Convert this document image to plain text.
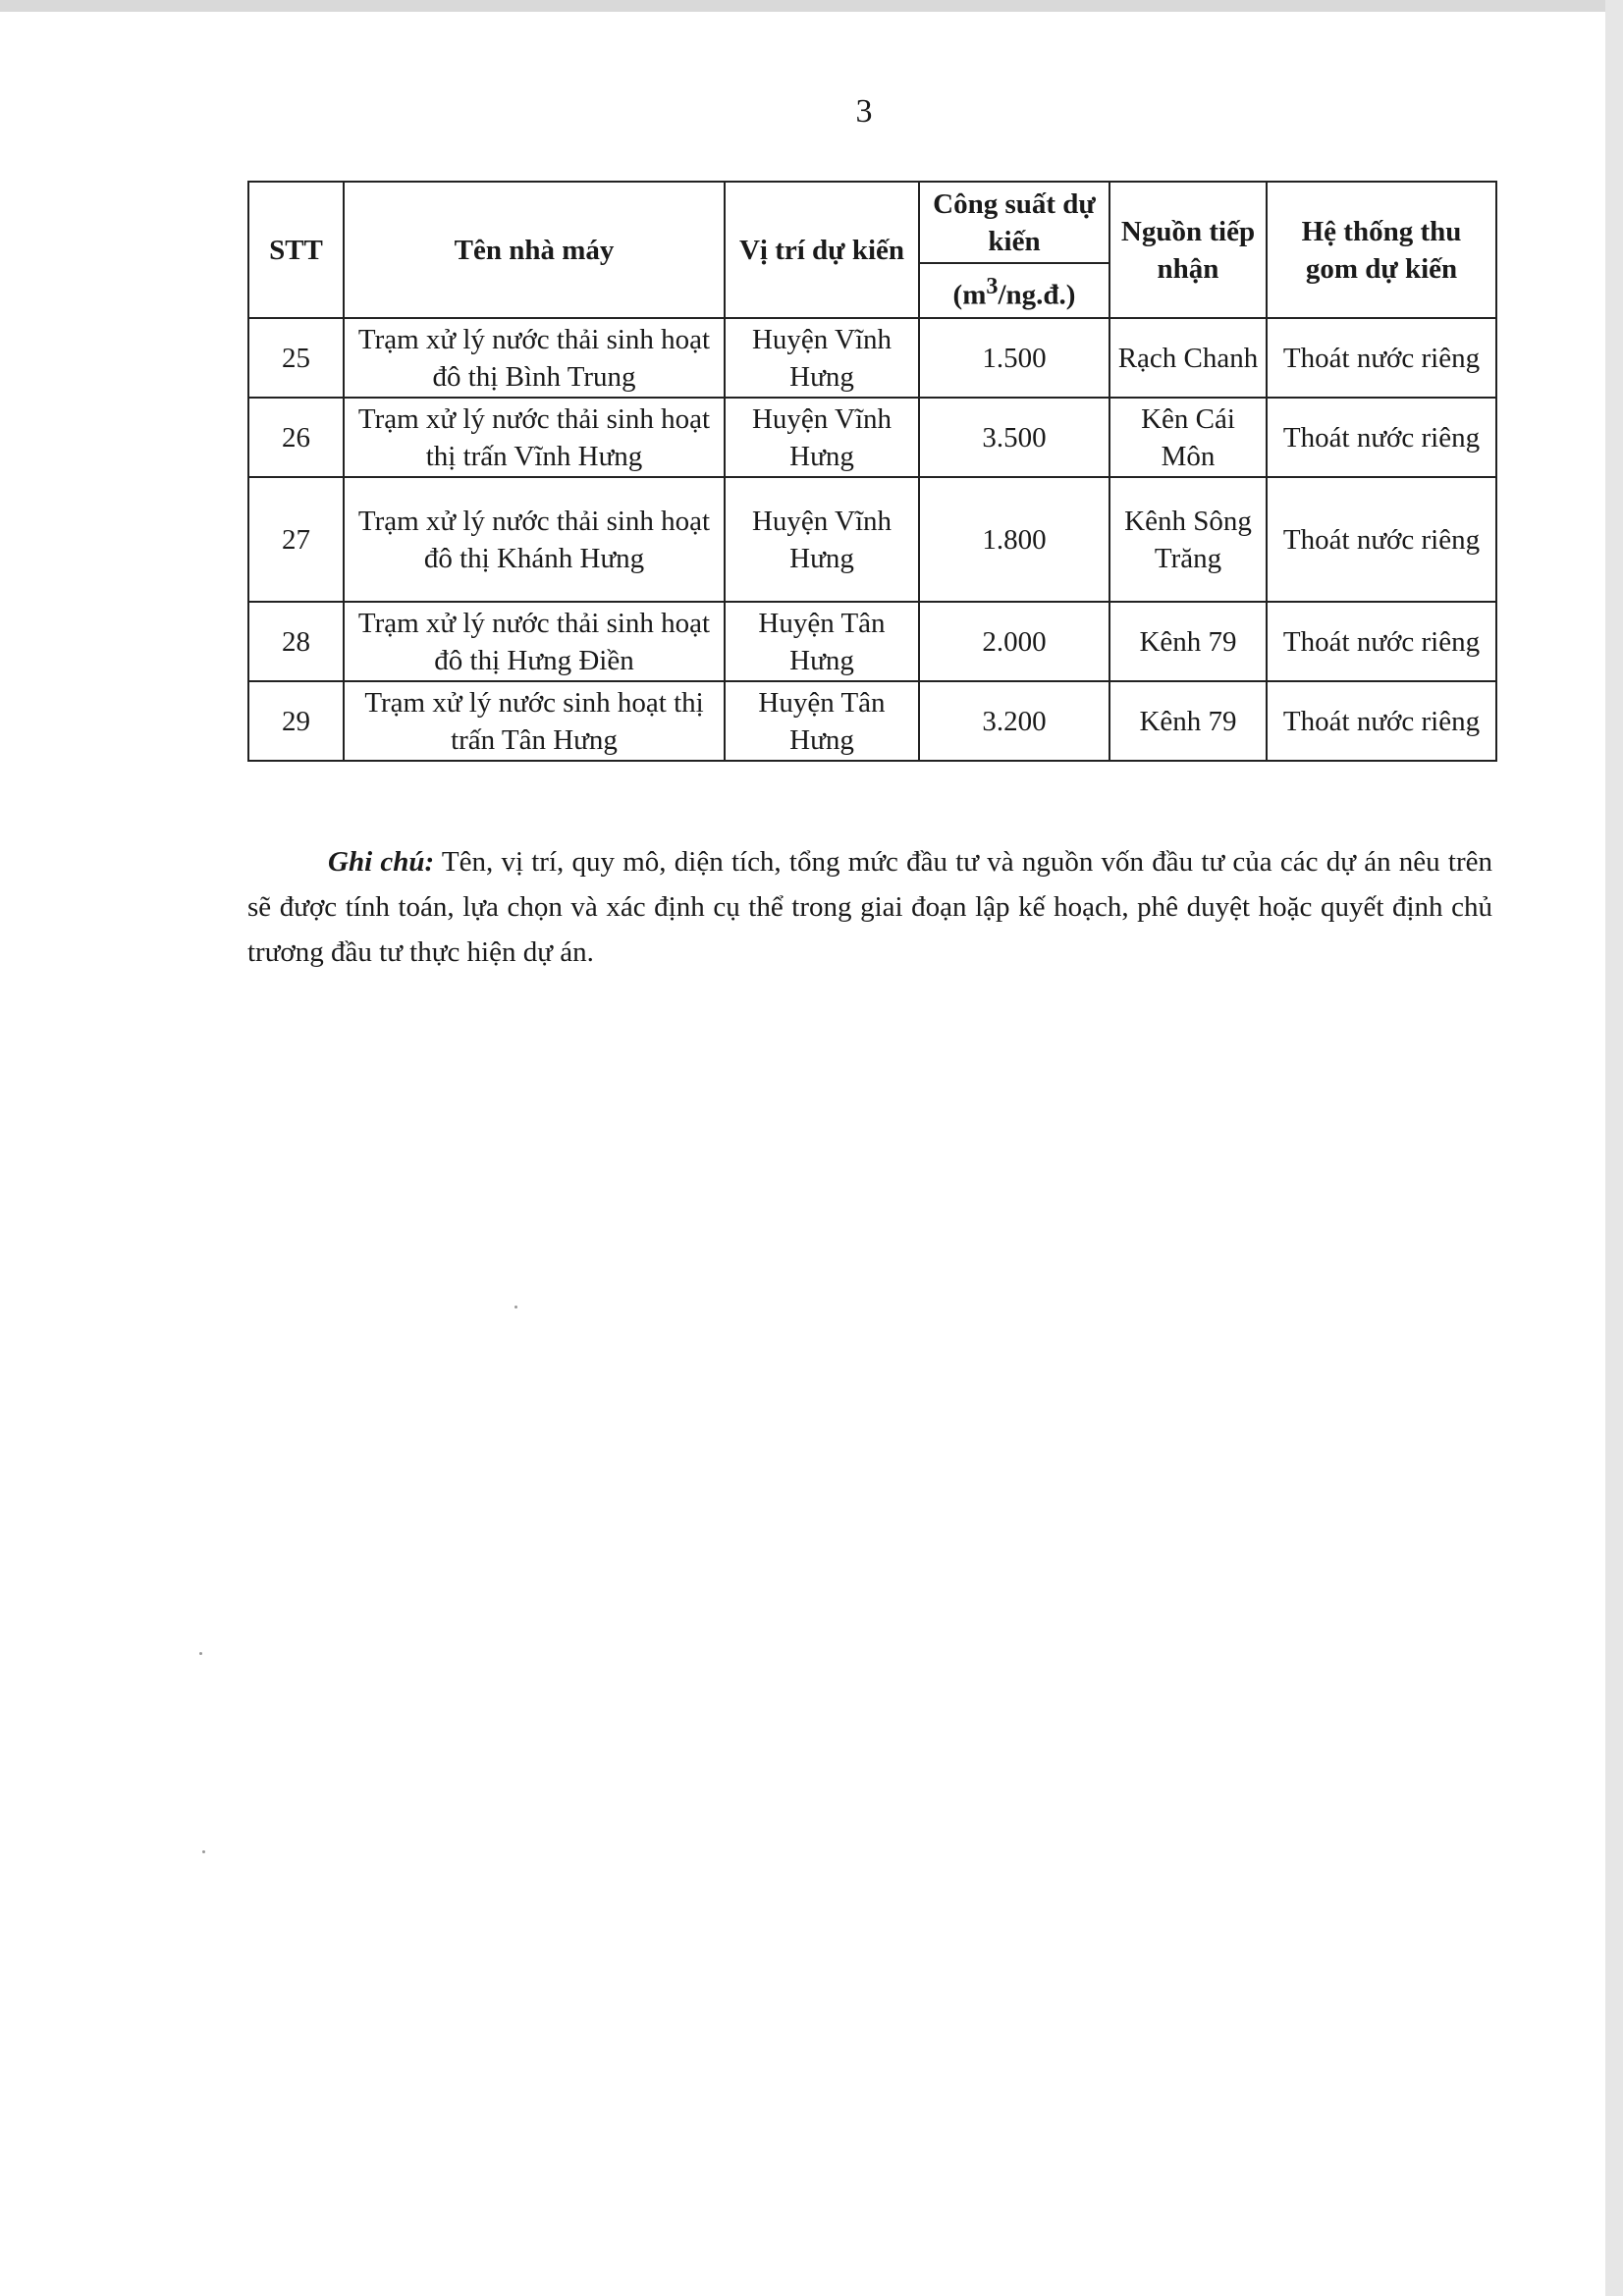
3
STT	Tên nhà máy	Vị trí dự kiến	Công suất dự kiến	Nguồn tiếp nhận	Hệ thống thu gom dự kiến
			$(m^3/ng.đ.)$		
25	Trạm xử lý nước thải sinh hoạt đô thị Bình Trung	Huyện Vĩnh Hưng	1.500	Rạch Chanh	Thoát nước riêng
26	Trạm xử lý nước thải sinh hoạt thị trấn Vĩnh Hưng	Huyện Vĩnh Hưng	3.500	Kên Cái Môn	Thoát nước riêng
27	Trạm xử lý nước thải sinh hoạt đô thị Khánh Hưng	Huyện Vĩnh Hưng	1.800	Kênh Sông Trăng	Thoát nước riêng
28	Trạm xử lý nước thải sinh hoạt đô thị Hưng Điền	Huyện Tân Hưng	2.000	Kênh 79	Thoát nước riêng
29	Trạm xử lý nước sinh hoạt thị trấn Tân Hưng	Huyện Tân Hưng	3.200	Kênh 79	Thoát nước riêng
Ghi chú: Tên, vị trí, quy mô, diện tích, tổng mức đầu tư và nguồn vốn đầu tư của các dự án nêu trên sẽ được tính toán, lựa chọn và xác định cụ thể trong giai đoạn lập kế hoạch, phê duyệt hoặc quyết định chủ trương đầu tư thực hiện dự án.
